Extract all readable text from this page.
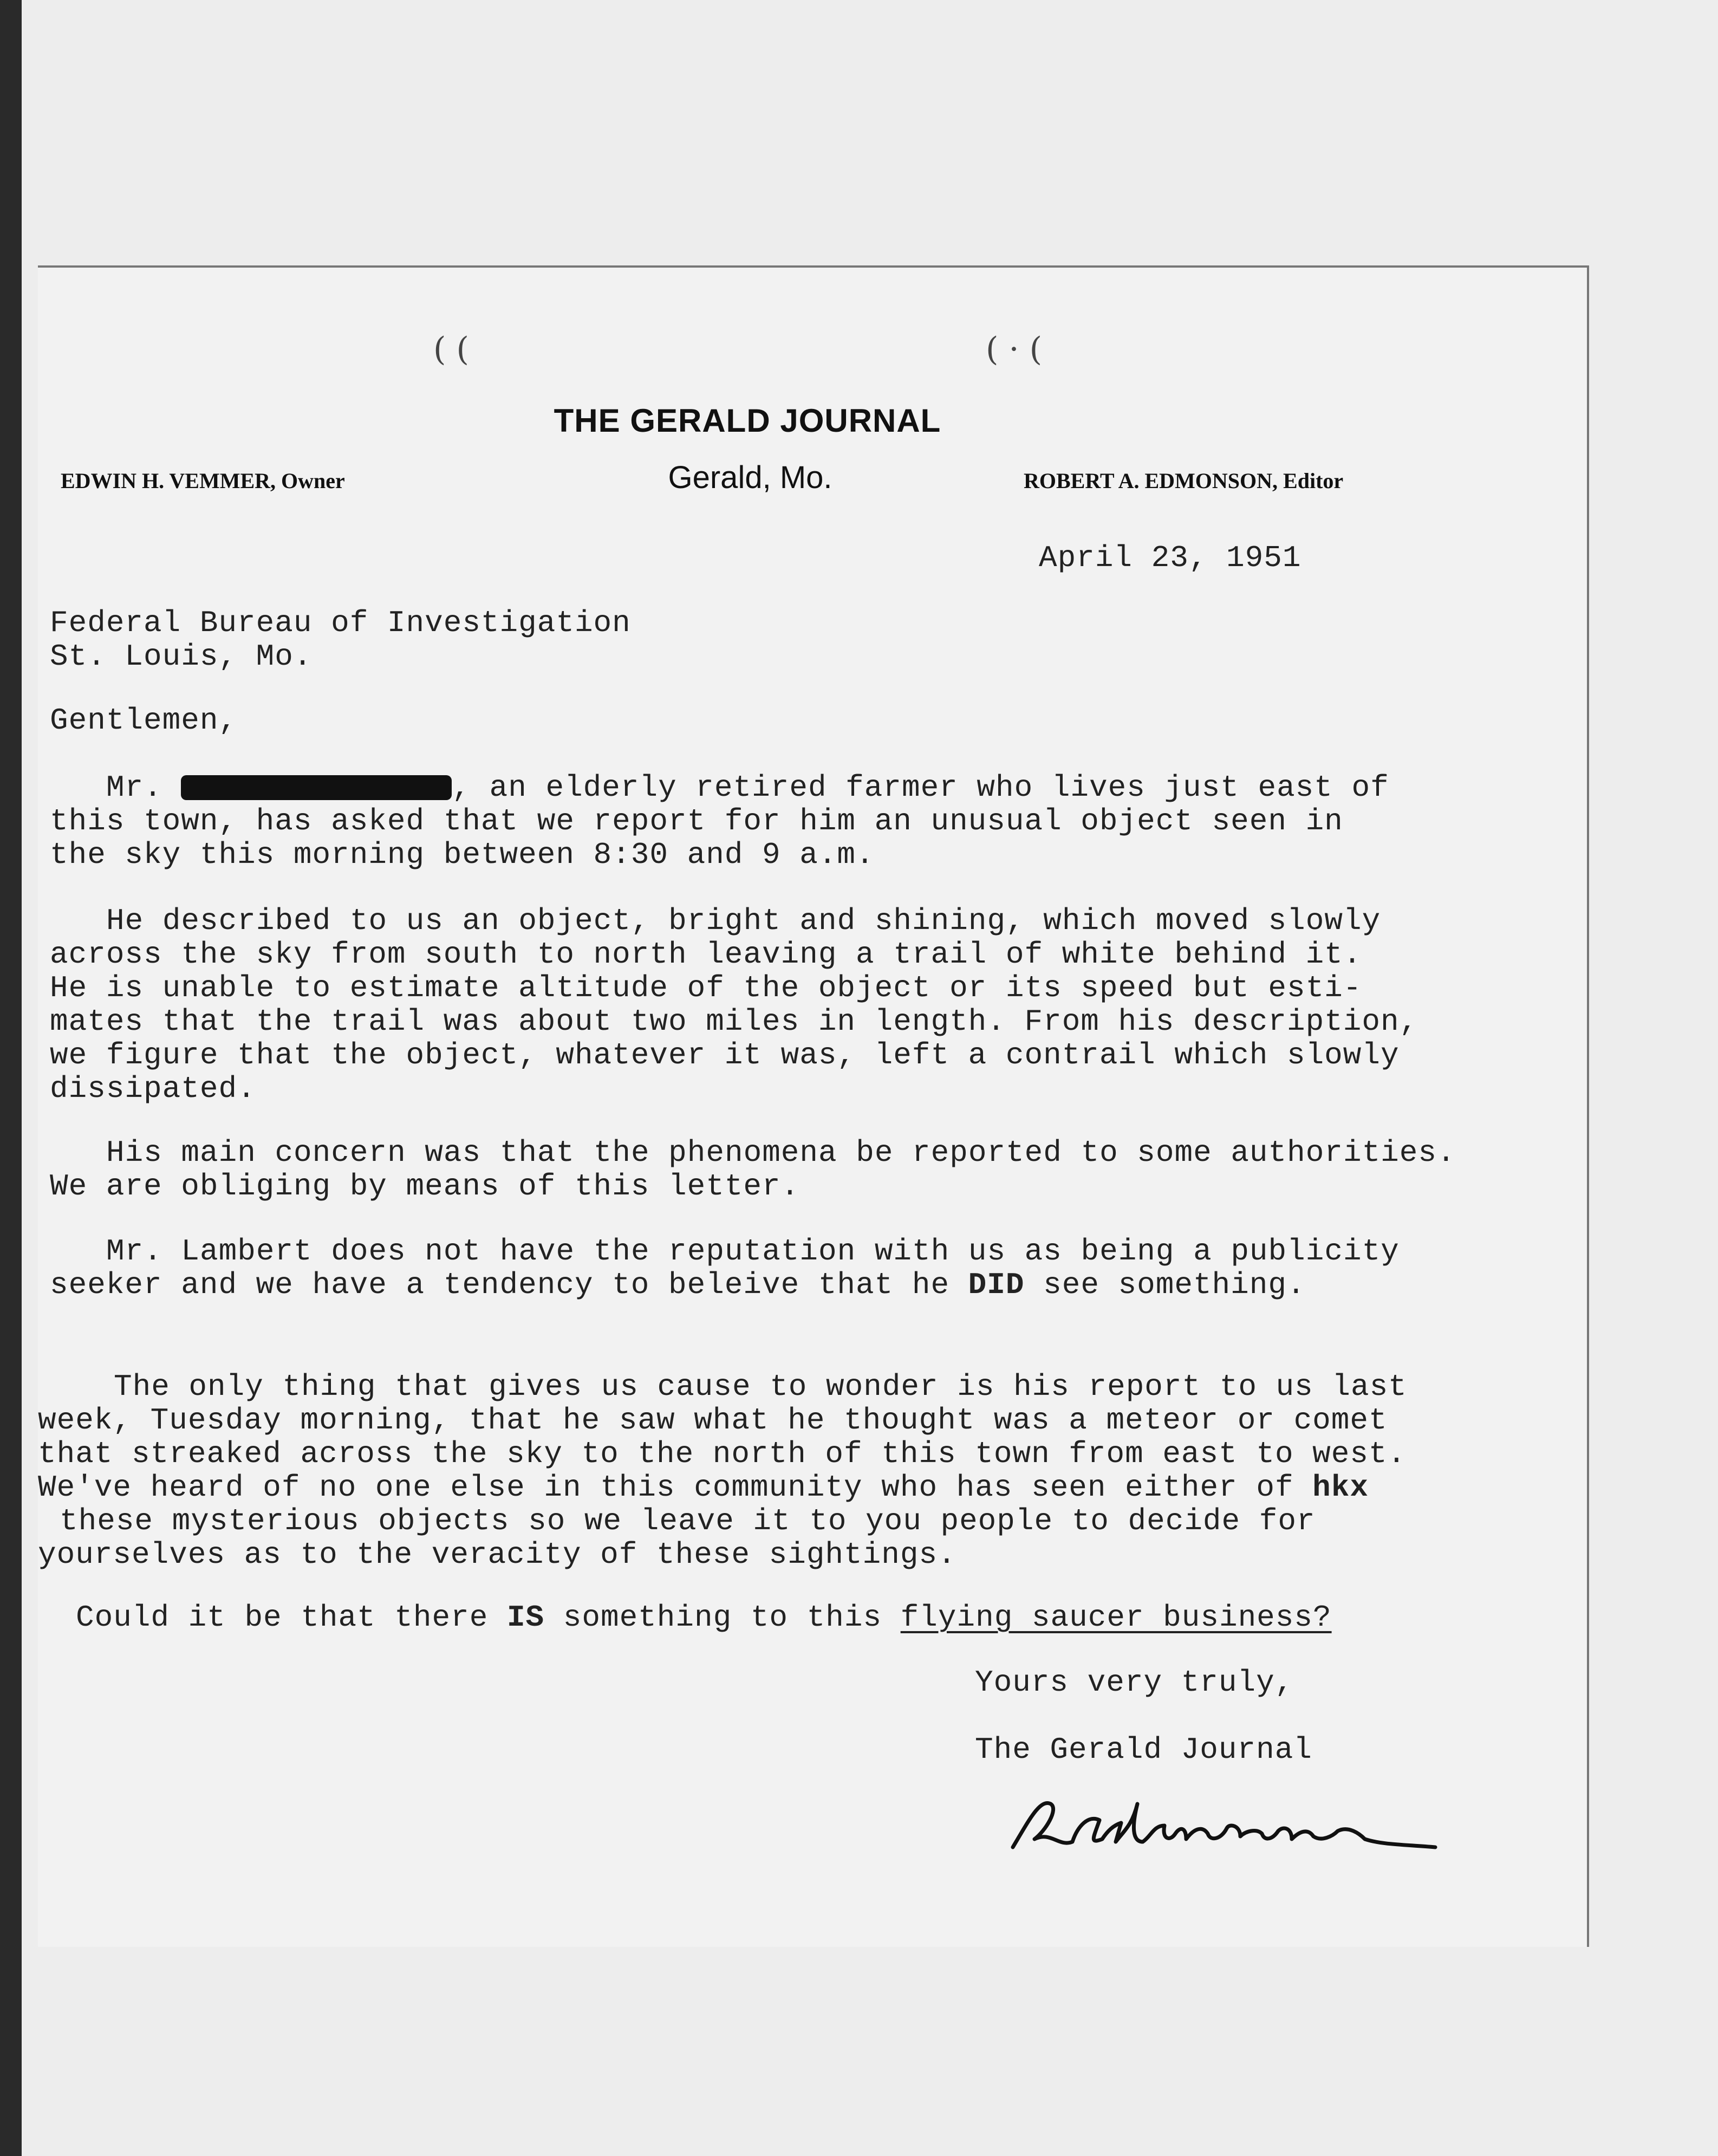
( (	( · (
THE GERALD JOURNAL
Gerald, Mo.
EDWIN H. VEMMER, Owner	ROBERT A. EDMONSON, Editor
April 23, 1951
Federal Bureau of Investigation
St. Louis, Mo.
Gentlemen,
Mr.	, an elderly retired farmer who lives just east of
this town, has asked that we report for him an unusual object seen in
the sky this morning between 8:30 and 9 a.m.
He described to us an object, bright and shining, which moved slowly
across the sky from south to north leaving a trail of white behind it.
He is unable to estimate altitude of the object or its speed but esti-
mates that the trail was about two miles in length. From his description,
we figure that the object, whatever it was, left a contrail which slowly
dissipated.
His main concern was that the phenomena be reported to some authorities.
We are obliging by means of this letter.
Mr. Lambert does not have the reputation with us as being a publicity
seeker and we have a tendency to beleive that he DID see something.
The only thing that gives us cause to wonder is his report to us last
week, Tuesday morning, that he saw what he thought was a meteor or comet
that streaked across the sky to the north of this town from east to west.
We've heard of no one else in this community who has seen either of hkx
these mysterious objects so we leave it to you people to decide for
yourselves as to the veracity of these sightings.
Could it be that there IS something to this flying saucer business?
Yours very truly,
The Gerald Journal
